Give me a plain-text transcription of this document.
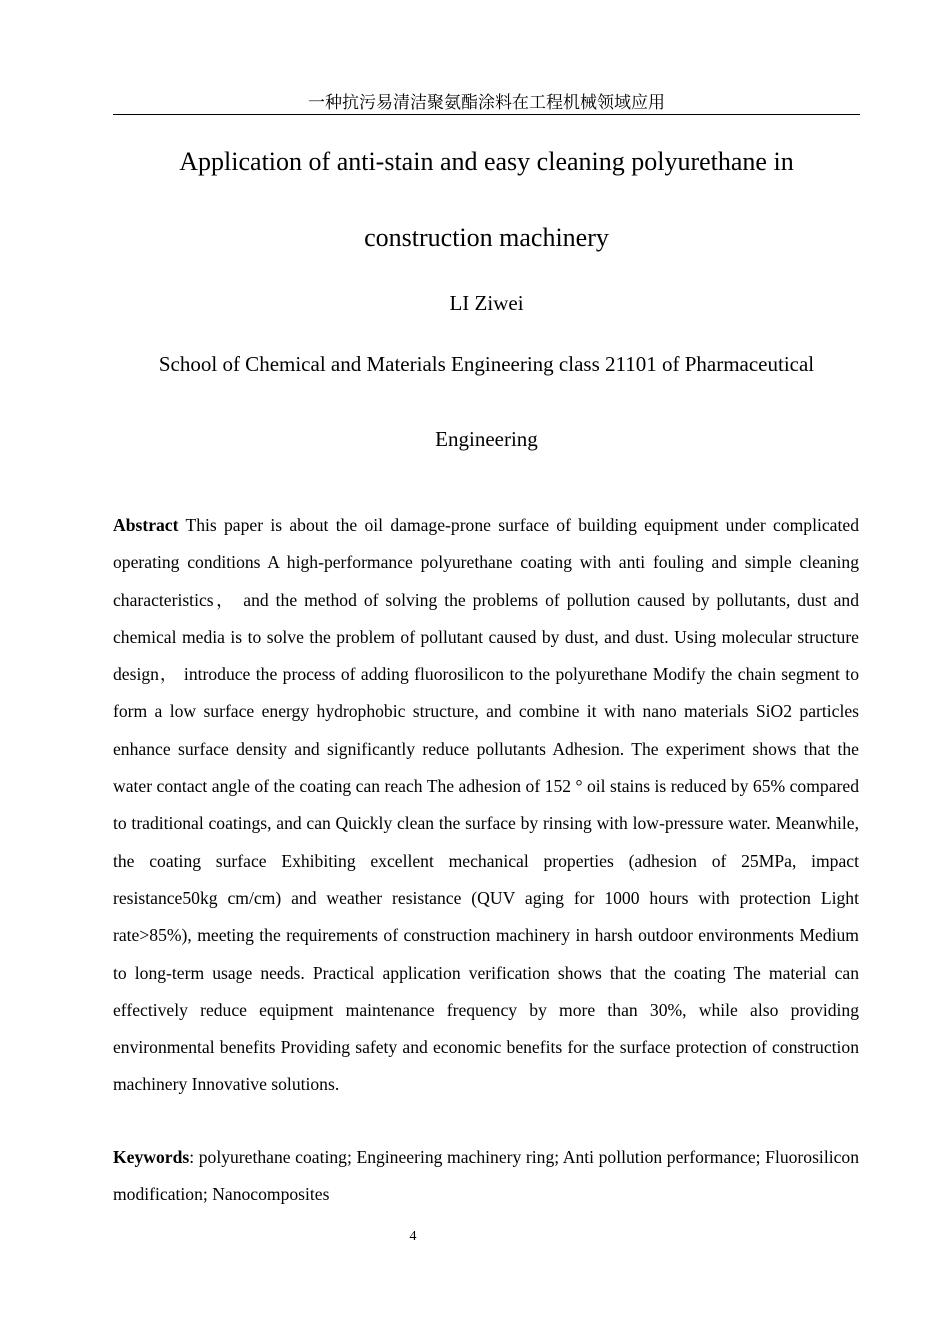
一种抗污易清洁聚氨酯涂料在工程机械领域应用
Application of anti-stain and easy cleaning polyurethane in construction machinery
LI Ziwei
School of Chemical and Materials Engineering class 21101 of Pharmaceutical Engineering

Abstract This paper is about the oil damage-prone surface of building equipment under complicated operating conditions A high-performance polyurethane coating with anti fouling and simple cleaning characteristics， and the method of solving the problems of pollution caused by pollutants, dust and chemical media is to solve the problem of pollutant caused by dust, and dust. Using molecular structure design， introduce the process of adding fluorosilicon to the polyurethane Modify the chain segment to form a low surface energy hydrophobic structure, and combine it with nano materials SiO2 particles enhance surface density and significantly reduce pollutants Adhesion. The experiment shows that the water contact angle of the coating can reach The adhesion of 152 ° oil stains is reduced by 65% compared to traditional coatings, and can Quickly clean the surface by rinsing with low-pressure water. Meanwhile, the coating surface Exhibiting excellent mechanical properties (adhesion of 25MPa, impact resistance50kg cm/cm) and weather resistance (QUV aging for 1000 hours with protection Light rate>85%), meeting the requirements of construction machinery in harsh outdoor environments Medium to long-term usage needs. Practical application verification shows that the coating The material can effectively reduce equipment maintenance frequency by more than 30%, while also providing environmental benefits Providing safety and economic benefits for the surface protection of construction machinery Innovative solutions.

Keywords: polyurethane coating; Engineering machinery ring; Anti pollution performance; Fluorosilicon modification; Nanocomposites

4
